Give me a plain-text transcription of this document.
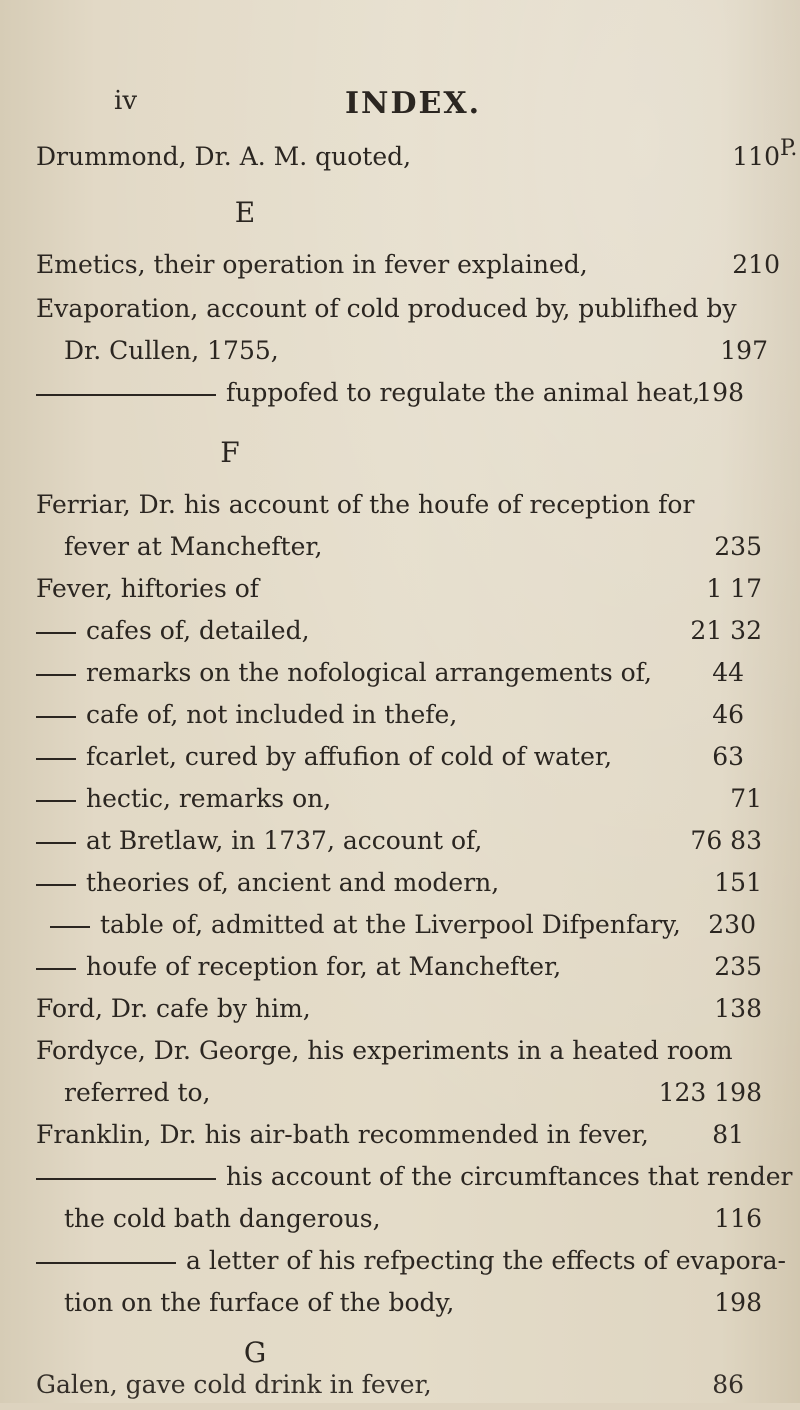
iv	INDEX.
P.
Drummond, Dr. A. M. quoted,	110
E
Emetics, their operation in fever explained,	210
Evaporation, account of cold produced by, publifhed by
Dr. Cullen, 1755,	197
fuppofed to regulate the animal heat,
198
F
Ferriar, Dr. his account of the houfe of reception for
fever at Manchefter,	235
Fever, hiftories of	1 17
cafes of, detailed,	21 32
remarks on the nofological arrangements of, 44
cafe of, not included in thefe,	46
fcarlet, cured by affufion of cold of water,	63
hectic, remarks on,	71
at Bretlaw, in 1737, account of,	76 83
theories of, ancient and modern,	151
table of, admitted at the Liverpool Difpenfary, 230
houfe of reception for, at Manchefter,	235
Ford, Dr. cafe by him,	138
Fordyce, Dr. George, his experiments in a heated room
referred to,	123 198
Franklin, Dr. his air-bath recommended in fever,	81
his account of the circumftances that render
the cold bath dangerous,	116
a letter of his refpecting the effects of evapora-
tion on the furface of the body,	198
G
Galen, gave cold drink in fever,	86
